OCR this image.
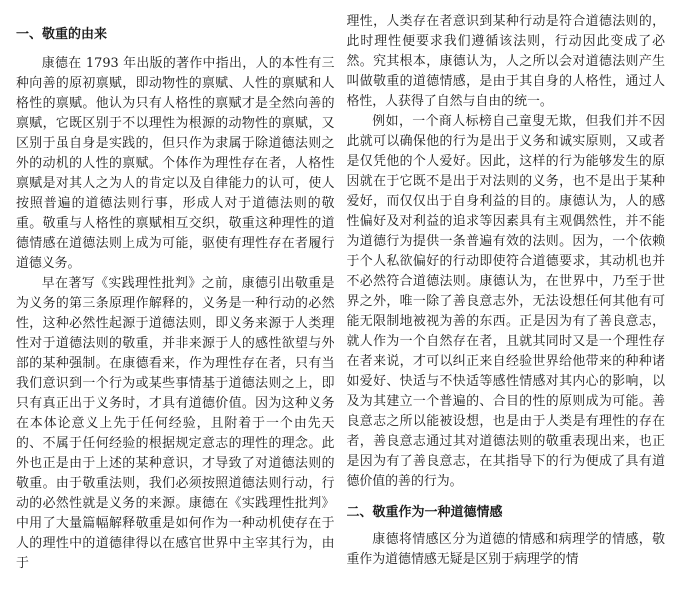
一、敬重的由来

康德在 1793 年出版的著作中指出，人的本性有三种向善的原初禀赋，即动物性的禀赋、人性的禀赋和人格性的禀赋。他认为只有人格性的禀赋才是全然向善的禀赋，它既区别于不以理性为根源的动物性的禀赋，又区别于虽自身是实践的，但只作为隶属于除道德法则之外的动机的人性的禀赋。个体作为理性存在者，人格性禀赋是对其人之为人的肯定以及自律能力的认可，使人按照普遍的道德法则行事，形成人对于道德法则的敬重。敬重与人格性的禀赋相互交织，敬重这种理性的道德情感在道德法则上成为可能，驱使有理性存在者履行道德义务。

早在著写《实践理性批判》之前，康德引出敬重是为义务的第三条原理作解释的，义务是一种行动的必然性，这种必然性起源于道德法则，即义务来源于人类理性对于道德法则的敬重，并非来源于人的感性欲望与外部的某种强制。在康德看来，作为理性存在者，只有当我们意识到一个行为或某些事情基于道德法则之上，即只有真正出于义务时，才具有道德价值。因为这种义务在本体论意义上先于任何经验，且附着于一个由先天的、不属于任何经验的根据规定意志的理性的理念。此外也正是由于上述的某种意识，才导致了对道德法则的敬重。由于敬重法则，我们必须按照道德法则行动，行动的必然性就是义务的来源。康德在《实践理性批判》中用了大量篇幅解释敬重是如何作为一种动机使存在于人的理性中的道德律得以在感官世界中主宰其行为，由于

理性，人类存在者意识到某种行动是符合道德法则的，此时理性便要求我们遵循该法则，行动因此变成了必然。究其根本，康德认为，人之所以会对道德法则产生叫做敬重的道德情感，是由于其自身的人格性，通过人格性，人获得了自然与自由的统一。

例如，一个商人标榜自己童叟无欺，但我们并不因此就可以确保他的行为是出于义务和诚实原则，又或者是仅凭他的个人爱好。因此，这样的行为能够发生的原因就在于它既不是出于对法则的义务，也不是出于某种爱好，而仅仅出于自身利益的目的。康德认为，人的感性偏好及对利益的追求等因素具有主观偶然性，并不能为道德行为提供一条普遍有效的法则。因为，一个依赖于个人私欲偏好的行动即使符合道德要求，其动机也并不必然符合道德法则。康德认为，在世界中，乃至于世界之外，唯一除了善良意志外，无法设想任何其他有可能无限制地被视为善的东西。正是因为有了善良意志，就人作为一个自然存在者，且就其同时又是一个理性存在者来说，才可以纠正来自经验世界给他带来的种种诸如爱好、快适与不快适等感性情感对其内心的影响，以及为其建立一个普遍的、合目的性的原则成为可能。善良意志之所以能被设想，也是由于人类是有理性的存在者，善良意志通过其对道德法则的敬重表现出来，也正是因为有了善良意志，在其指导下的行为便成了具有道德价值的善的行为。

二、敬重作为一种道德情感

康德将情感区分为道德的情感和病理学的情感，敬重作为道德情感无疑是区别于病理学的情
